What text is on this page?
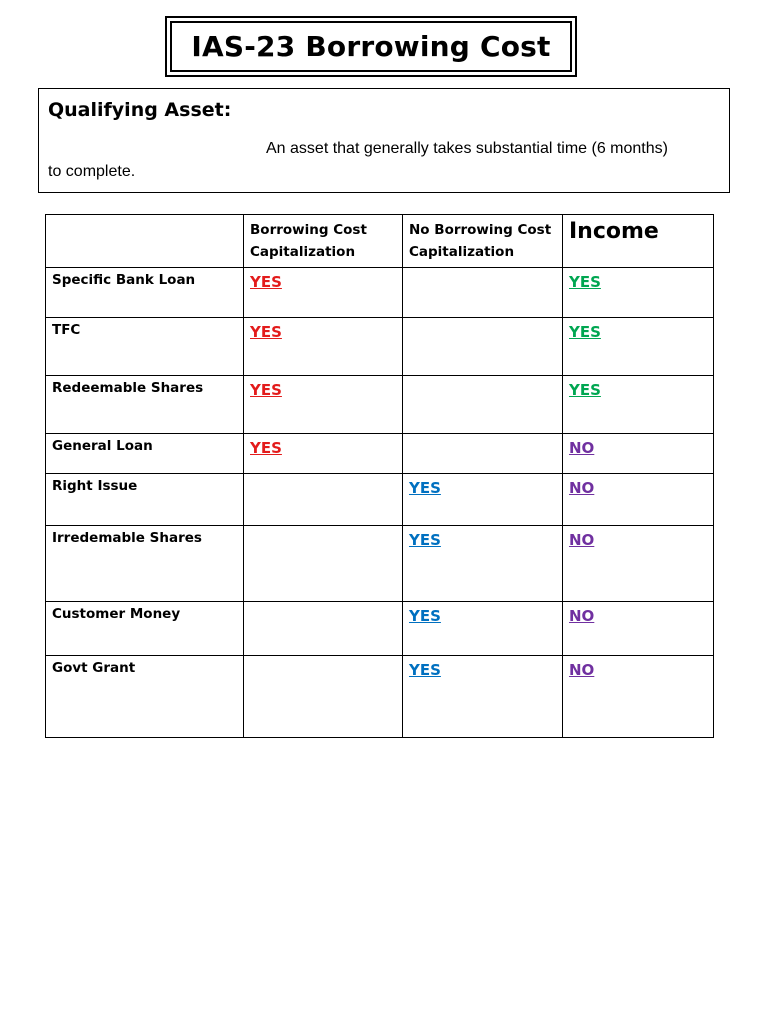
IAS-23 Borrowing Cost
Qualifying Asset:
An asset that generally takes substantial time (6 months)
to complete.
	Borrowing Cost Capitalization	No Borrowing Cost Capitalization	Income
Specific Bank Loan	YES		YES
TFC	YES		YES
Redeemable Shares	YES		YES
General Loan	YES		NO
Right Issue		YES	NO
Irredemable Shares		YES	NO
Customer Money		YES	NO
Govt Grant		YES	NO
